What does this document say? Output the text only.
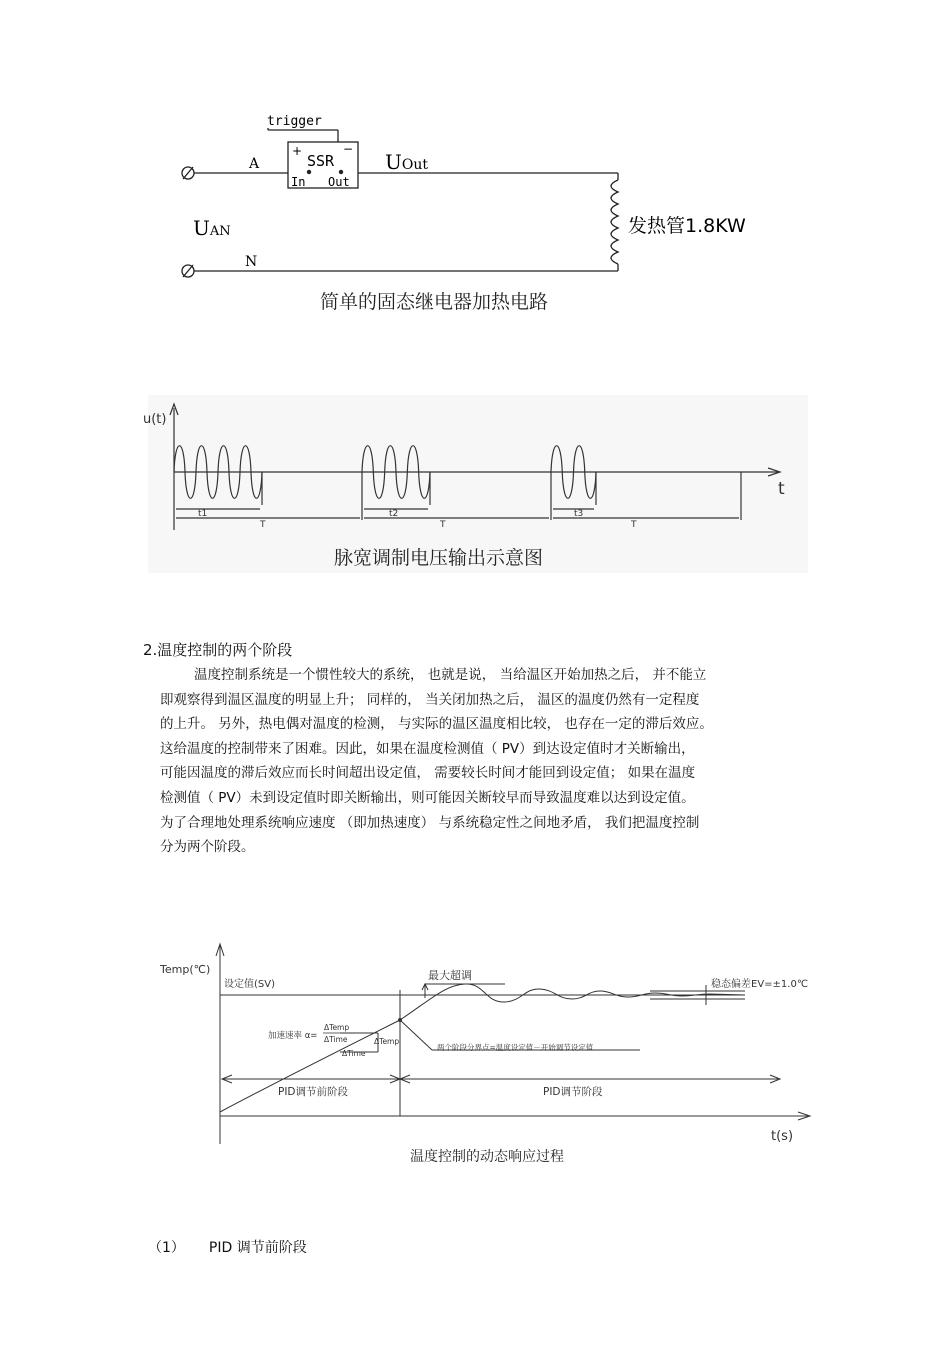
trigger
+	−
SSR
In Out
A
N
UOut
UAN	发热管1.8KW
简单的固态继电器加热电路
u(t)
t
t1	t2	t3
T	T	T
脉宽调制电压输出示意图
2.温度控制的两个阶段
温度控制系统是一个惯性较大的系统， 也就是说， 当给温区开始加热之后， 并不能立
即观察得到温区温度的明显上升； 同样的， 当关闭加热之后， 温区的温度仍然有一定程度
的上升。 另外，热电偶对温度的检测， 与实际的温区温度相比较， 也存在一定的滞后效应。
这给温度的控制带来了困难。因此，如果在温度检测值（ PV）到达设定值时才关断输出，
可能因温度的滞后效应而长时间超出设定值， 需要较长时间才能回到设定值； 如果在温度
检测值（ PV）未到设定值时即关断输出，则可能因关断较早而导致温度难以达到设定值。
为了合理地处理系统响应速度 （即加热速度） 与系统稳定性之间地矛盾， 我们把温度控制
分为两个阶段。
Temp(℃)
t(s)
设定值(SV)
最大超调
稳态偏差EV=±1.0℃
加速速率 α=
ΔTemp
ΔTime	ΔTemp
ΔTime
两个阶段分界点=温度设定值－开始调节设定值
PID调节前阶段	PID调节阶段
温度控制的动态响应过程
（1） PID 调节前阶段
